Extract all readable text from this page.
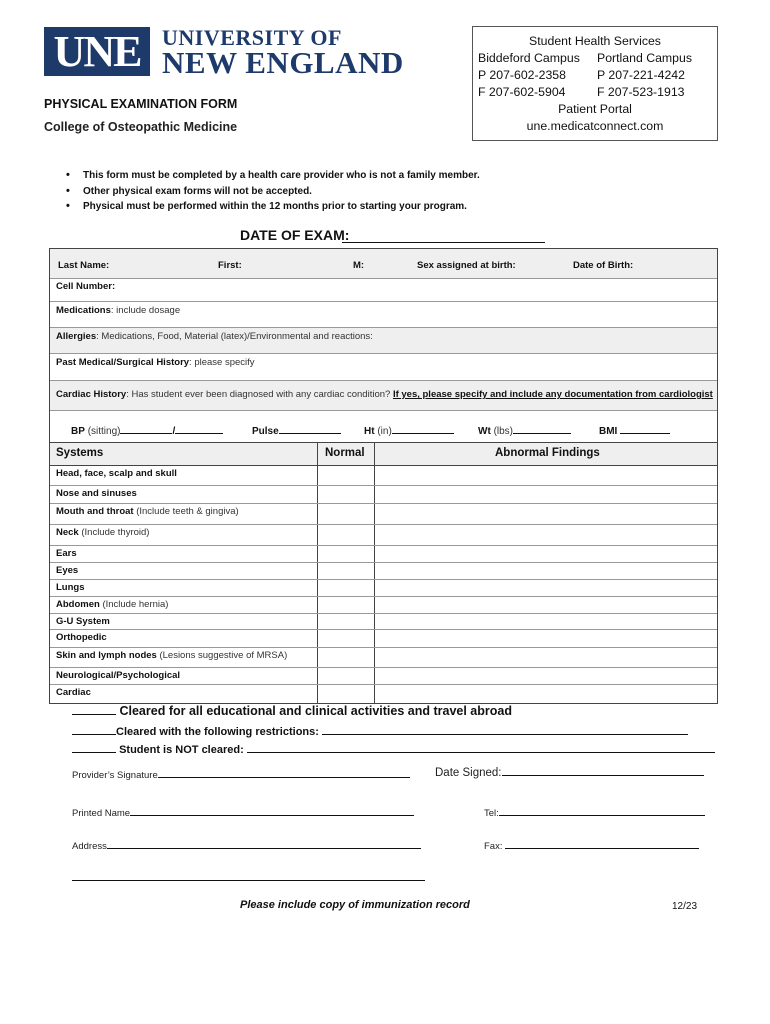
UNE UNIVERSITY OF
NEW ENGLAND
Student Health Services
Biddeford Campus Portland Campus
P 207-602-2358	P 207-221-4242
F 207-602-5904	F 207-523-1913
Patient Portal
une.medicatconnect.com
PHYSICAL EXAMINATION FORM
College of Osteopathic Medicine
• This form must be completed by a health care provider who is not a family member.
• Other physical exam forms will not be accepted.
• Physical must be performed within the 12 months prior to starting your program.
DATE OF EXAM:
Last Name:	First:	M:	Sex assigned at birth:	Date of Birth:
Cell Number:
Medications: include dosage
Allergies: Medications, Food, Material (latex)/Environmental and reactions:
Past Medical/Surgical History: please specify
Cardiac History: Has student ever been diagnosed with any cardiac condition? If yes, please specify and include any documentation from cardiologist
BP (sitting)	/	Pulse	Ht (in)	Wt (lbs)	BMI
Systems	Normal	Abnormal Findings
Head, face, scalp and skull
Nose and sinuses
Mouth and throat (Include teeth & gingiva)
Neck (Include thyroid)
Ears
Eyes
Lungs
Abdomen (Include hernia)
G-U System
Orthopedic
Skin and lymph nodes (Lesions suggestive of MRSA)
Neurological/Psychological
Cardiac
Cleared for all educational and clinical activities and travel abroad
Cleared with the following restrictions:
Student is NOT cleared:
Provider’s Signature	Date Signed:
Printed Name	Tel:
Address	Fax:
Please include copy of immunization record	12/23
